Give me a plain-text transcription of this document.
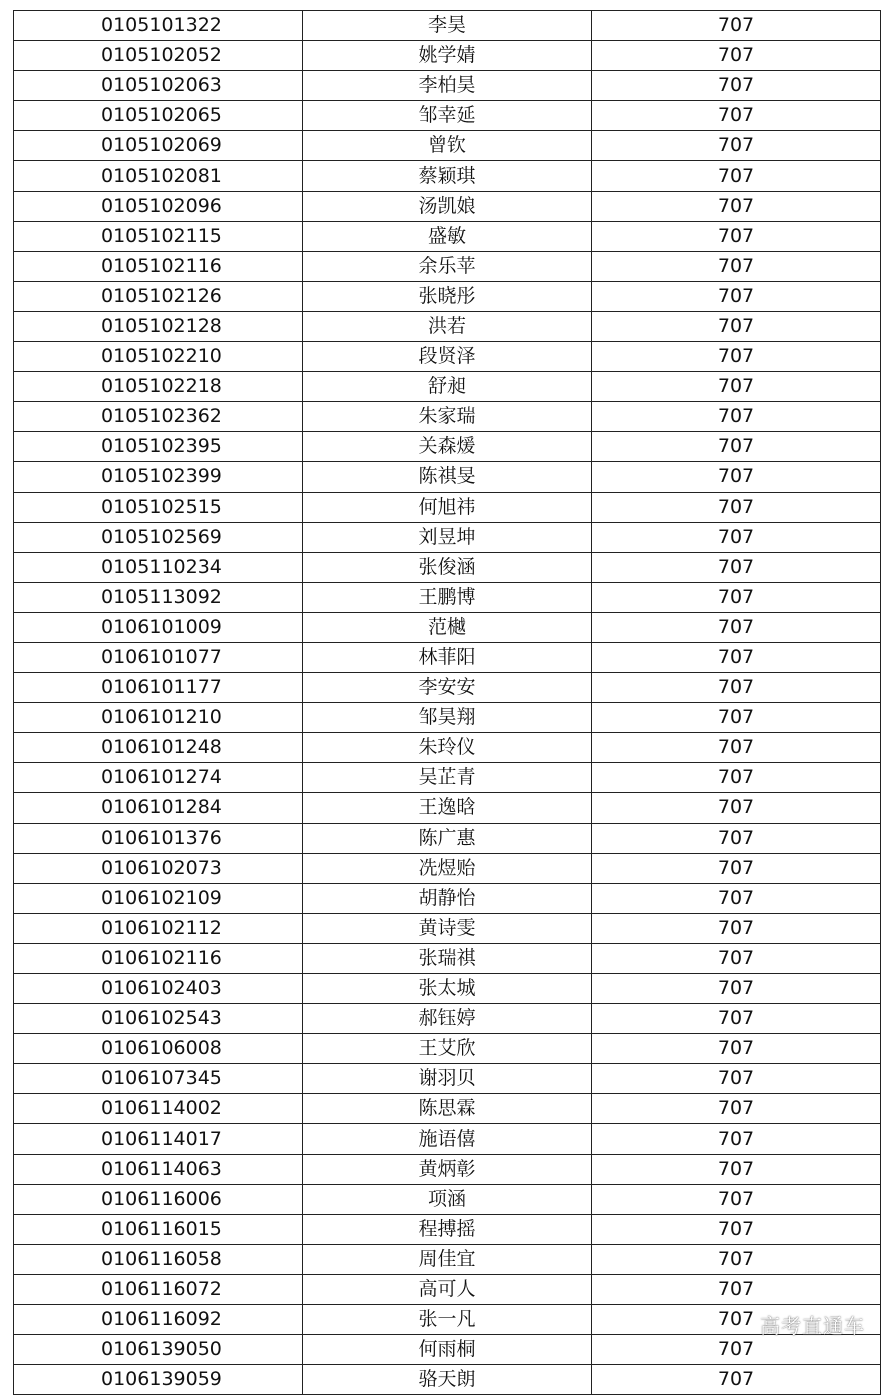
0105101322	李昊	707
0105102052	姚学婧	707
0105102063	李柏昊	707
0105102065	邹幸延	707
0105102069	曾钦	707
0105102081	蔡颖琪	707
0105102096	汤凯娘	707
0105102115	盛敏	707
0105102116	余乐苹	707
0105102126	张晓彤	707
0105102128	洪若	707
0105102210	段贤泽	707
0105102218	舒昶	707
0105102362	朱家瑞	707
0105102395	关森煖	707
0105102399	陈祺旻	707
0105102515	何旭祎	707
0105102569	刘昱坤	707
0105110234	张俊涵	707
0105113092	王鹏博	707
0106101009	范樾	707
0106101077	林菲阳	707
0106101177	李安安	707
0106101210	邹昊翔	707
0106101248	朱玲仪	707
0106101274	吴芷青	707
0106101284	王逸晗	707
0106101376	陈广惠	707
0106102073	冼煜贻	707
0106102109	胡静怡	707
0106102112	黄诗雯	707
0106102116	张瑞祺	707
0106102403	张太城	707
0106102543	郝钰婷	707
0106106008	王艾欣	707
0106107345	谢羽贝	707
0106114002	陈思霖	707
0106114017	施语僖	707
0106114063	黄炳彰	707
0106116006	项涵	707
0106116015	程搏摇	707
0106116058	周佳宜	707
0106116072	高可人	707
0106116092	张一凡	707
0106139050	何雨桐	707
0106139059	骆天朗	707
高考直通车
